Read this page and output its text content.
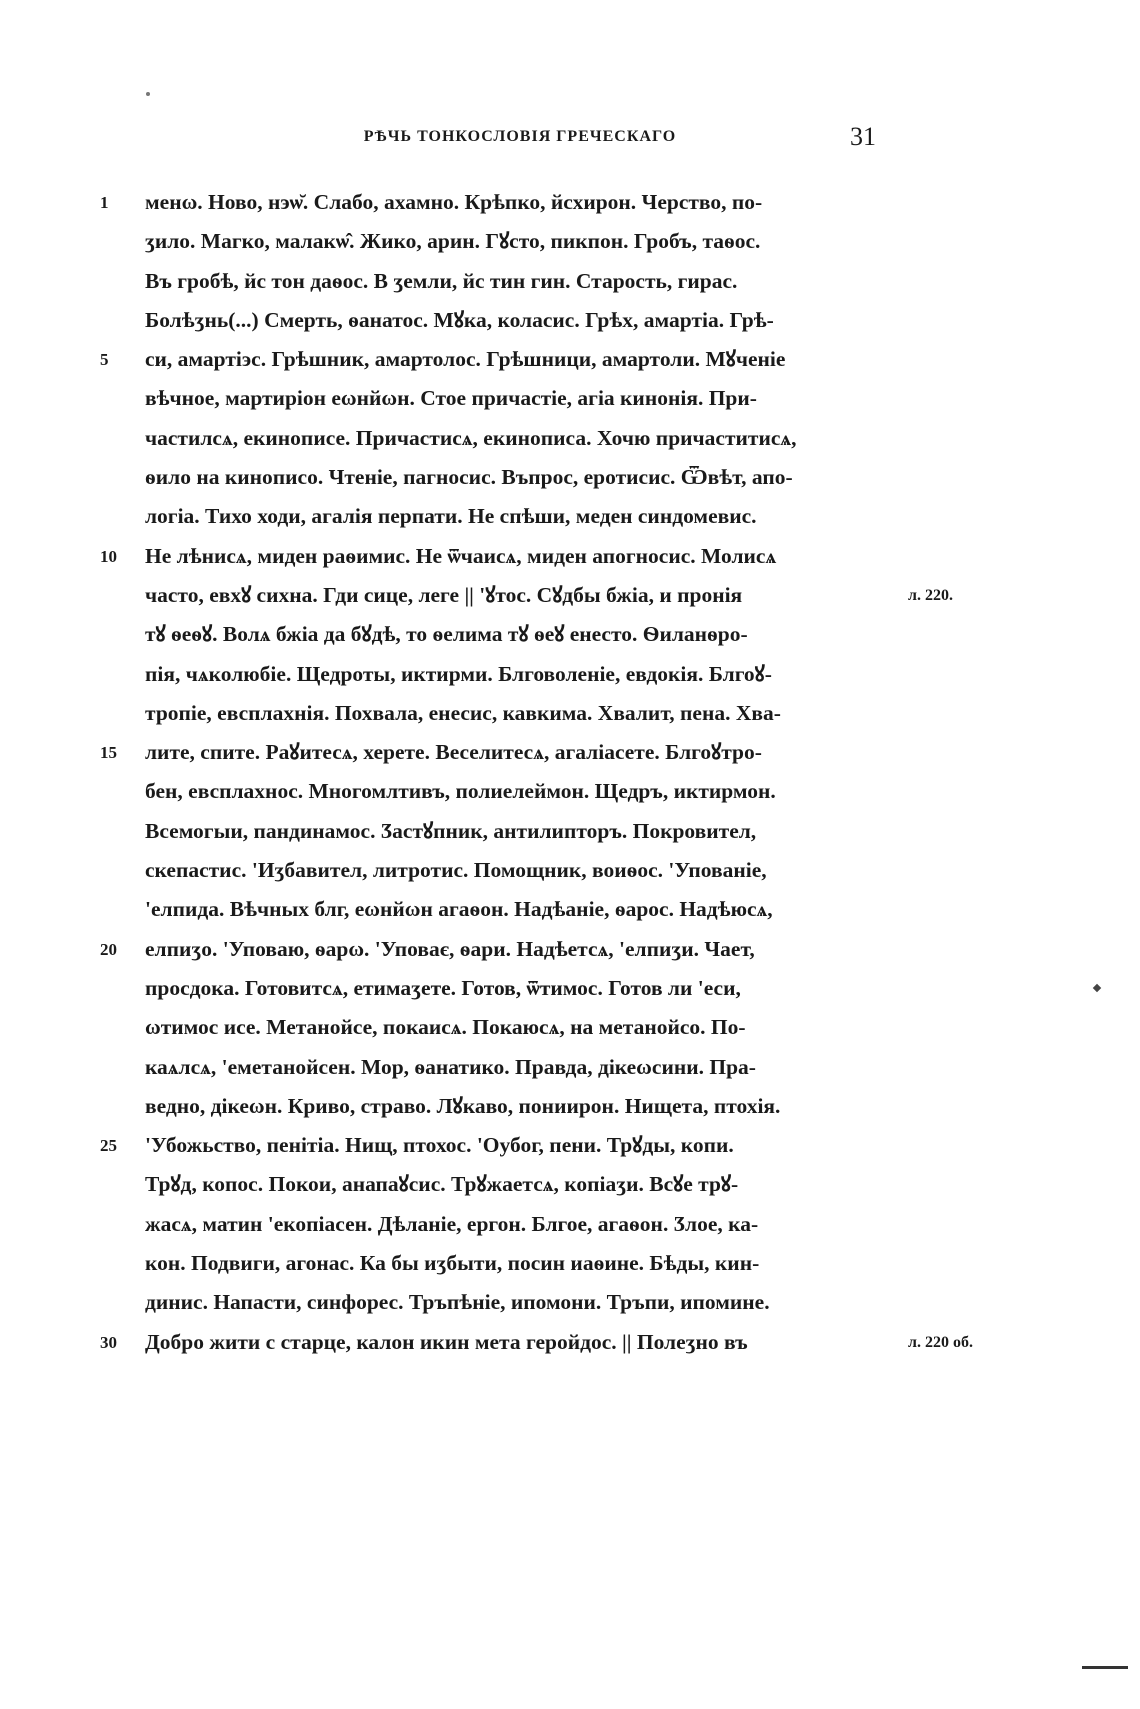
РѢЧЬ ТОНКОСЛОВІЯ ГРЕЧЕСКАГО	31
1	менω. Ново, нэѡ̆. Слабо, ахамно. Крѣпко, йсхирон. Черство, по-
ӡило. Магко, малакѡ̂. Жико, арин. Гꙋсто, пикпон. Гробъ, таѳос.
Въ гробѣ, йс тон даѳос. В ӡемли, йс тин гин. Старость, гирас.
Болѣӡнь(...) Смерть, ѳанатос. Мꙋка, коласис. Грѣх, амартіа. Грѣ-
5	си, амартіэс. Грѣшник, амартолос. Грѣшници, амартоли. Мꙋченіе
вѣчное, мартиріон еωнйωн. Стое причастіе, агіа кинонія. При-
частилсѧ, екинописе. Причастисѧ, екинописа. Хочю причаститисѧ,
ѳило на кинописо. Чтеніе, пагносис. Въпрос, еротисис. Ѿвѣт, апо-
логіа. Тихо ходи, агалія перпати. Не спѣши, меден синдомевис.
10	Не лѣнисѧ, миден раѳимис. Не ѿчаисѧ, миден апогносис. Молисѧ
часто, евхꙋ сихна. Гди сице, леге || 'ꙋтос. Сꙋдбы бжіа, и пронія	л. 220.
тꙋ ѳеѳꙋ. Волѧ бжіа да бꙋдѣ, то ѳелима тꙋ ѳеꙋ енесто. Ѳиланѳро-
пія, чѧколюбіе. Щедроты, иктирми. Блговоленіе, евдокія. Блгоꙋ-
тропіе, евсплахнія. Похвала, енесис, кавкима. Хвалит, пена. Хва-
15	лите, спите. Раꙋитесѧ, херете. Веселитесѧ, агаліасете. Блгоꙋтро-
бен, евсплахнос. Многомлтивъ, полиелеймон. Щедръ, иктирмон.
Всемогыи, пандинамос. Ӡастꙋпник, антилипторъ. Покровител,
скепастис. 'Иӡбавител, литротис. Помощник, воиѳос. 'Упованіе,
'елпида. Вѣчных блг, еωнйωн агаѳон. Надѣаніе, ѳарос. Надѣюсѧ,
20	елпиӡо. 'Уповаю, ѳарω. 'Уповає, ѳари. Надѣетсѧ, 'елпиӡи. Чает,
просдока. Готовитсѧ, етимаӡете. Готов, ѿтимос. Готов ли 'еси,
ωтимос исе. Метанойсе, покаисѧ. Покаюсѧ, на метанойсо. По-
каѧлсѧ, 'еметанойсен. Мор, ѳанатико. Правда, дікеωсини. Пра-
ведно, дікеωн. Криво, страво. Лꙋкаво, пониирон. Нищета, птохія.
25	'Убожьство, пенітіа. Нищ, птохос. 'Оубог, пени. Трꙋды, копи.
Трꙋд, копос. Покои, анапаꙋсис. Трꙋжаетсѧ, копіаӡи. Всꙋе трꙋ-
жасѧ, матин 'екопіасен. Дѣланіе, ергон. Блгое, агаѳон. Ӡлое, ка-
кон. Подвиги, агонас. Ка бы иӡбыти, посин иаѳине. Бѣды, кин-
динис. Напасти, синфорес. Тръпѣніе, ипомони. Тръпи, ипомине.
30	Добро жити с старце, калон икин мета геройдос. || Полеӡно въ	л. 220 об.
